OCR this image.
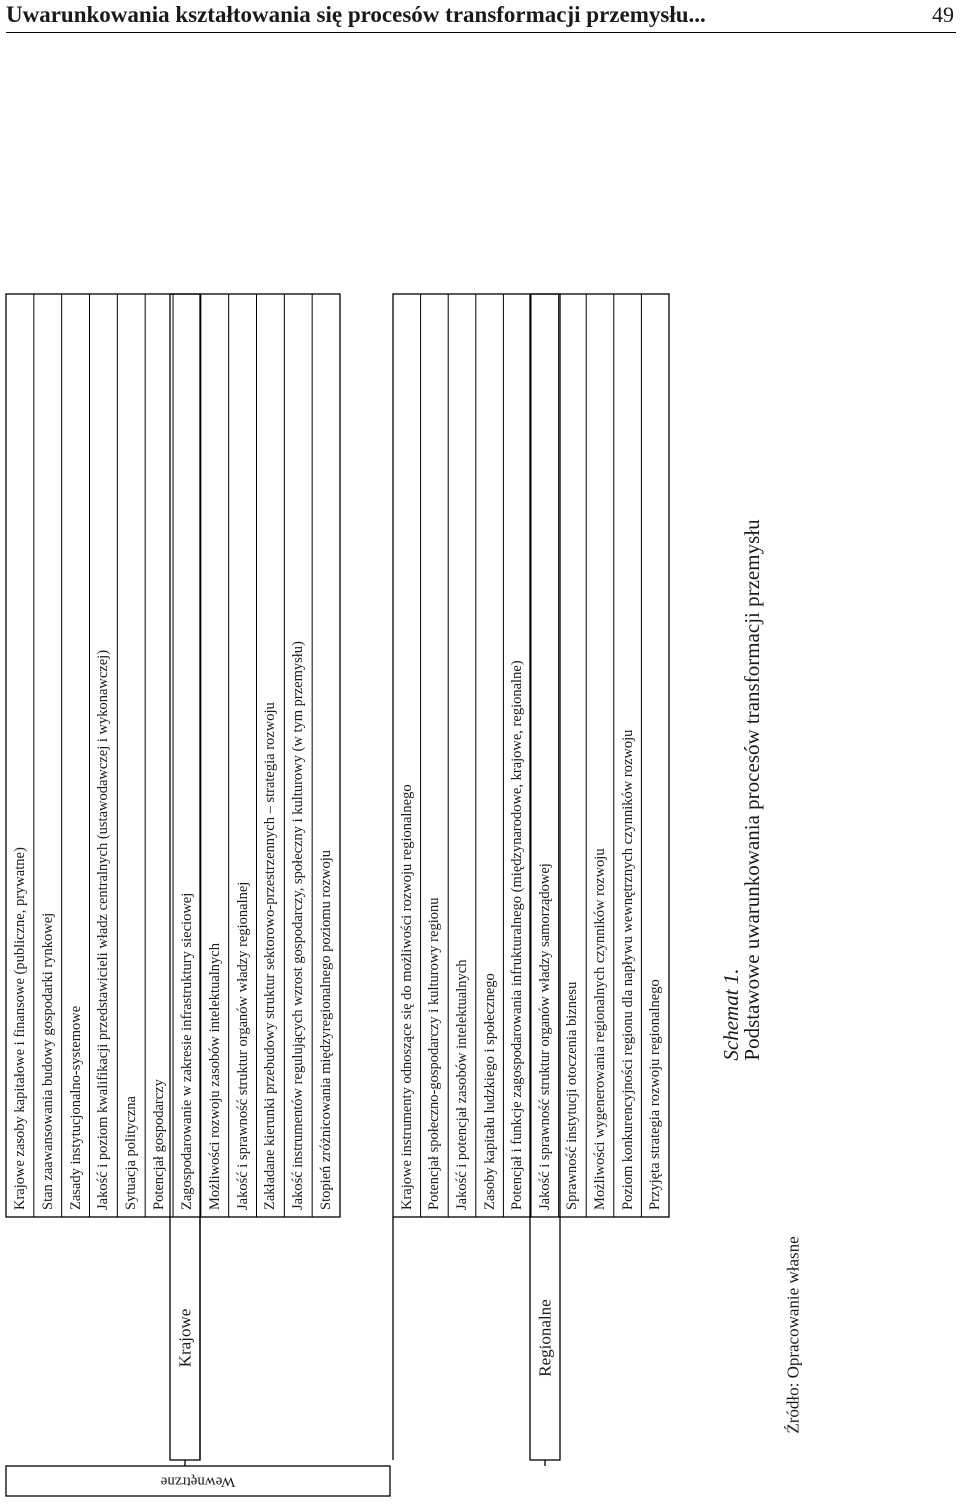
Uwarunkowania kształtowania się procesów transformacji przemysłu...	49
Wewnętrzne
Krajowe
Krajowe zasoby kapitałowe i finansowe (publiczne, prywatne) Stan zaawansowania budowy gospodarki rynkowej Zasady instytucjonalno-systemowe Jakość i poziom kwalifikacji przedstawicieli władz centralnych (ustawodawczej i wykonawczej) Sytuacja polityczna Potencjał gospodarczy Zagospodarowanie w zakresie infrastruktury sieciowej Możliwości rozwoju zasobów intelektualnych Jakość i sprawność struktur organów władzy regionalnej Zakładane kierunki przebudowy struktur sektorowo-przestrzennych – strategia rozwoju Jakość instrumentów regulujących wzrost gospodarczy, społeczny i kulturowy (w tym przemysłu) Stopień zróżnicowania międzyregionalnego poziomu rozwoju
Regionalne
Krajowe instrumenty odnoszące się do możliwości rozwoju regionalnego Potencjał społeczno-gospodarczy i kulturowy regionu Jakość i potencjał zasobów intelektualnych Zasoby kapitału ludzkiego i społecznego Potencjał i funkcje zagospodarowania infrukturalnego (międzynarodowe, krajowe, regionalne) Jakość i sprawność struktur organów władzy samorządowej Sprawność instytucji otoczenia biznesu Możliwości wygenerowania regionalnych czynników rozwoju Poziom konkurencyjności regionu dla napływu wewnętrznych czynników rozwoju Przyjęta strategia rozwoju regionalnego	Schemat 1.
Podstawowe uwarunkowania procesów transformacji przemysłu
Źródło: Opracowanie własne
